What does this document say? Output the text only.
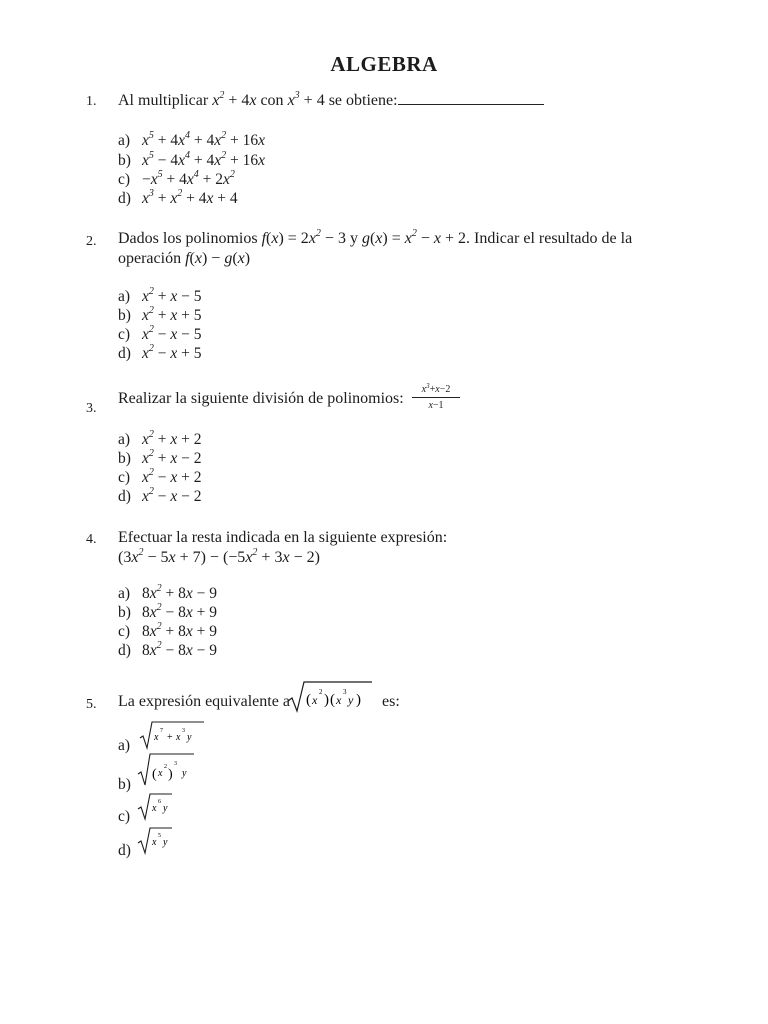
ALGEBRA
1. Al multiplicar $x^2 + 4x$ con $x^3 + 4$ se obtiene:
a) $x^5 + 4x^4 + 4x^2 + 16x$
b) $x^5 - 4x^4 + 4x^2 + 16x$
$c) -x^5 + 4x^4 + 2x^2$
d) $x^3 + x^2 + 4x + 4$
2. Dados los polinomios $f(x) = 2x^2 - 3$ y $g(x) = x^2 - x + 2$. Indicar el resultado de la
operación f(x) − g(x)
a) $x^2 + x - 5$
b) $x^2 + x + 5$
c) $x^2 - x - 5$
d) $x^2 - x + 5$
3.
Realizar la siguiente división de polinomios:
$x^3+x-2$
x−1
a) $x^2 + x + 2$
b) $x^2 + x - 2$
c) $x^2 - x + 2$
d) $x^2 - x - 2$
4. Efectuar la resta indicada en la siguiente expresión:
$(3x^2 - 5x + 7) - (-5x^2 + 3x - 2)$
a) $8x^2 + 8x - 9$
b) $8x^2 - 8x + 9$
c) $8x^2 + 8x + 9$
d) $8x^2 - 8x - 9$
5. La expresión equivalente a ( x
2 ) ( x
3
y ) es:
a)	x
7
+ x
3
y
b)
( x
2 )
3
y
c)	x
6
y
d)	x
5
y
